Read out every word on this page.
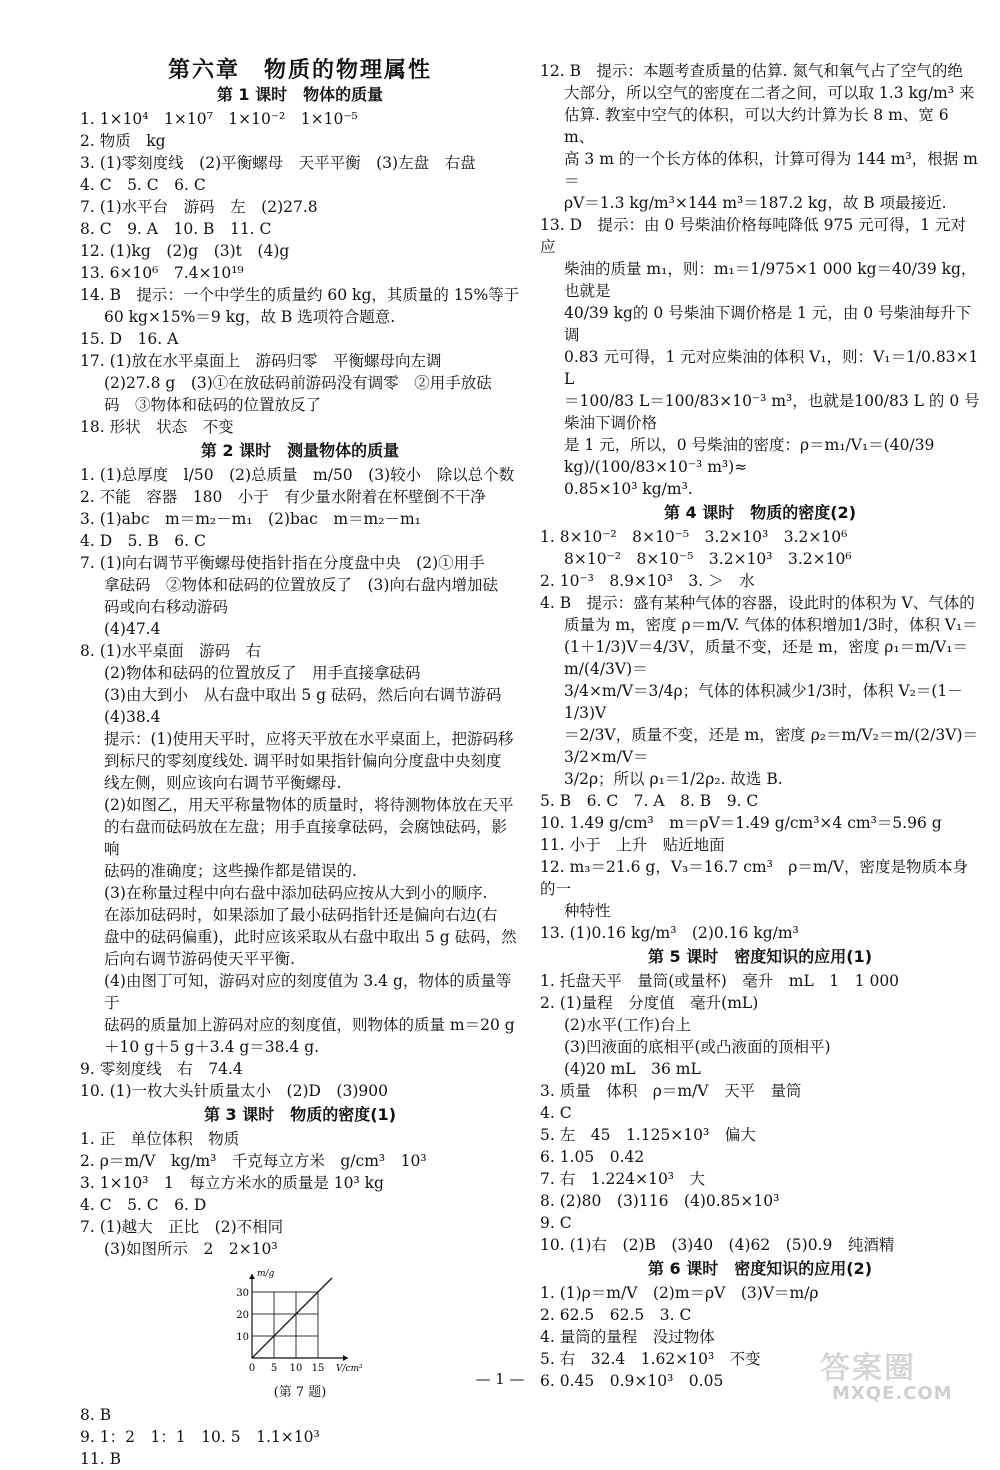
第六章　物质的物理属性
第 1 课时　物体的质量
1. 1×10⁴　1×10⁷　1×10⁻²　1×10⁻⁵
2. 物质　kg
3. (1)零刻度线　(2)平衡螺母　天平平衡　(3)左盘　右盘
4. C　5. C　6. C
7. (1)水平台　游码　左　(2)27.8
8. C　9. A　10. B　11. C
12. (1)kg　(2)g　(3)t　(4)g
13. 6×10⁶　7.4×10¹⁹
14. B　提示：一个中学生的质量约 60 kg，其质量的 15%等于
60 kg×15%＝9 kg，故 B 选项符合题意.
15. D　16. A
17. (1)放在水平桌面上　游码归零　平衡螺母向左调
(2)27.8 g　(3)①在放砝码前游码没有调零　②用手放砝
码　③物体和砝码的位置放反了
18. 形状　状态　不变
第 2 课时　测量物体的质量
1. (1)总厚度　l/50　(2)总质量　m/50　(3)较小　除以总个数
2. 不能　容器　180　小于　有少量水附着在杯壁倒不干净
3. (1)abc　m＝m₂－m₁　(2)bac　m＝m₂－m₁
4. D　5. B　6. C
7. (1)向右调节平衡螺母使指针指在分度盘中央　(2)①用手
拿砝码　②物体和砝码的位置放反了　(3)向右盘内增加砝
码或向右移动游码
(4)47.4
8. (1)水平桌面　游码　右
(2)物体和砝码的位置放反了　用手直接拿砝码
(3)由大到小　从右盘中取出 5 g 砝码，然后向右调节游码
(4)38.4
提示：(1)使用天平时，应将天平放在水平桌面上，把游码移
到标尺的零刻度线处. 调平时如果指针偏向分度盘中央刻度
线左侧，则应该向右调节平衡螺母.
(2)如图乙，用天平称量物体的质量时，将待测物体放在天平
的右盘而砝码放在左盘；用手直接拿砝码，会腐蚀砝码，影响
砝码的准确度；这些操作都是错误的.
(3)在称量过程中向右盘中添加砝码应按从大到小的顺序.
在添加砝码时，如果添加了最小砝码指针还是偏向右边(右
盘中的砝码偏重)，此时应该采取从右盘中取出 5 g 砝码，然
后向右调节游码使天平平衡.
(4)由图丁可知，游码对应的刻度值为 3.4 g，物体的质量等于
砝码的质量加上游码对应的刻度值，则物体的质量 m＝20 g
＋10 g＋5 g＋3.4 g＝38.4 g.
9. 零刻度线　右　74.4
10. (1)一枚大头针质量太小　(2)D　(3)900
第 3 课时　物质的密度(1)
1. 正　单位体积　物质
2. ρ＝m/V　kg/m³　千克每立方米　g/cm³　10³
3. 1×10³　1　每立方米水的质量是 10³ kg
4. C　5. C　6. D
7. (1)越大　正比　(2)不相同
(3)如图所示　2　2×10³
30
20
10
0 5 10 15
m/g
V/cm³
(第 7 题)
8. B
9. 1：2　1：1　10. 5　1.1×10³
11. B
12. B　提示：本题考查质量的估算. 氮气和氧气占了空气的绝
大部分，所以空气的密度在二者之间，可以取 1.3 kg/m³ 来
估算. 教室中空气的体积，可以大约计算为长 8 m、宽 6 m、
高 3 m 的一个长方体的体积，计算可得为 144 m³，根据 m＝
ρV＝1.3 kg/m³×144 m³＝187.2 kg，故 B 项最接近.
13. D　提示：由 0 号柴油价格每吨降低 975 元可得，1 元对应
柴油的质量 m₁，则：m₁＝1/975×1 000 kg＝40/39 kg，也就是
40/39 kg的 0 号柴油下调价格是 1 元，由 0 号柴油每升下调
0.83 元可得，1 元对应柴油的体积 V₁，则：V₁＝1/0.83×1 L
＝100/83 L＝100/83×10⁻³ m³，也就是100/83 L 的 0 号柴油下调价格
是 1 元，所以，0 号柴油的密度：ρ＝m₁/V₁＝(40/39 kg)/(100/83×10⁻³ m³)≈
0.85×10³ kg/m³.
第 4 课时　物质的密度(2)
1. 8×10⁻²　8×10⁻⁵　3.2×10³　3.2×10⁶
8×10⁻²　8×10⁻⁵　3.2×10³　3.2×10⁶
2. 10⁻³　8.9×10³　3. ＞　水
4. B　提示：盛有某种气体的容器，设此时的体积为 V、气体的
质量为 m，密度 ρ＝m/V. 气体的体积增加1/3时，体积 V₁＝
(1＋1/3)V＝4/3V，质量不变，还是 m，密度 ρ₁＝m/V₁＝m/(4/3V)＝
3/4×m/V＝3/4ρ；气体的体积减少1/3时，体积 V₂＝(1－1/3)V
＝2/3V，质量不变，还是 m，密度 ρ₂＝m/V₂＝m/(2/3V)＝3/2×m/V＝
3/2ρ；所以 ρ₁＝1/2ρ₂. 故选 B.
5. B　6. C　7. A　8. B　9. C
10. 1.49 g/cm³　m＝ρV＝1.49 g/cm³×4 cm³＝5.96 g
11. 小于　上升　贴近地面
12. m₃＝21.6 g，V₃＝16.7 cm³　ρ＝m/V，密度是物质本身的一
种特性
13. (1)0.16 kg/m³　(2)0.16 kg/m³
第 5 课时　密度知识的应用(1)
1. 托盘天平　量筒(或量杯)　毫升　mL　1　1 000
2. (1)量程　分度值　毫升(mL)
(2)水平(工作)台上
(3)凹液面的底相平(或凸液面的顶相平)
(4)20 mL　36 mL
3. 质量　体积　ρ＝m/V　天平　量筒
4. C
5. 左　45　1.125×10³　偏大
6. 1.05　0.42
7. 右　1.224×10³　大
8. (2)80　(3)116　(4)0.85×10³
9. C
10. (1)右　(2)B　(3)40　(4)62　(5)0.9　纯酒精
第 6 课时　密度知识的应用(2)
1. (1)ρ＝m/V　(2)m＝ρV　(3)V＝m/ρ
2. 62.5　62.5　3. C
4. 量筒的量程　没过物体
5. 右　32.4　1.62×10³　不变
6. 0.45　0.9×10³　0.05
— 1 —	答案圈
MXQE.COM
